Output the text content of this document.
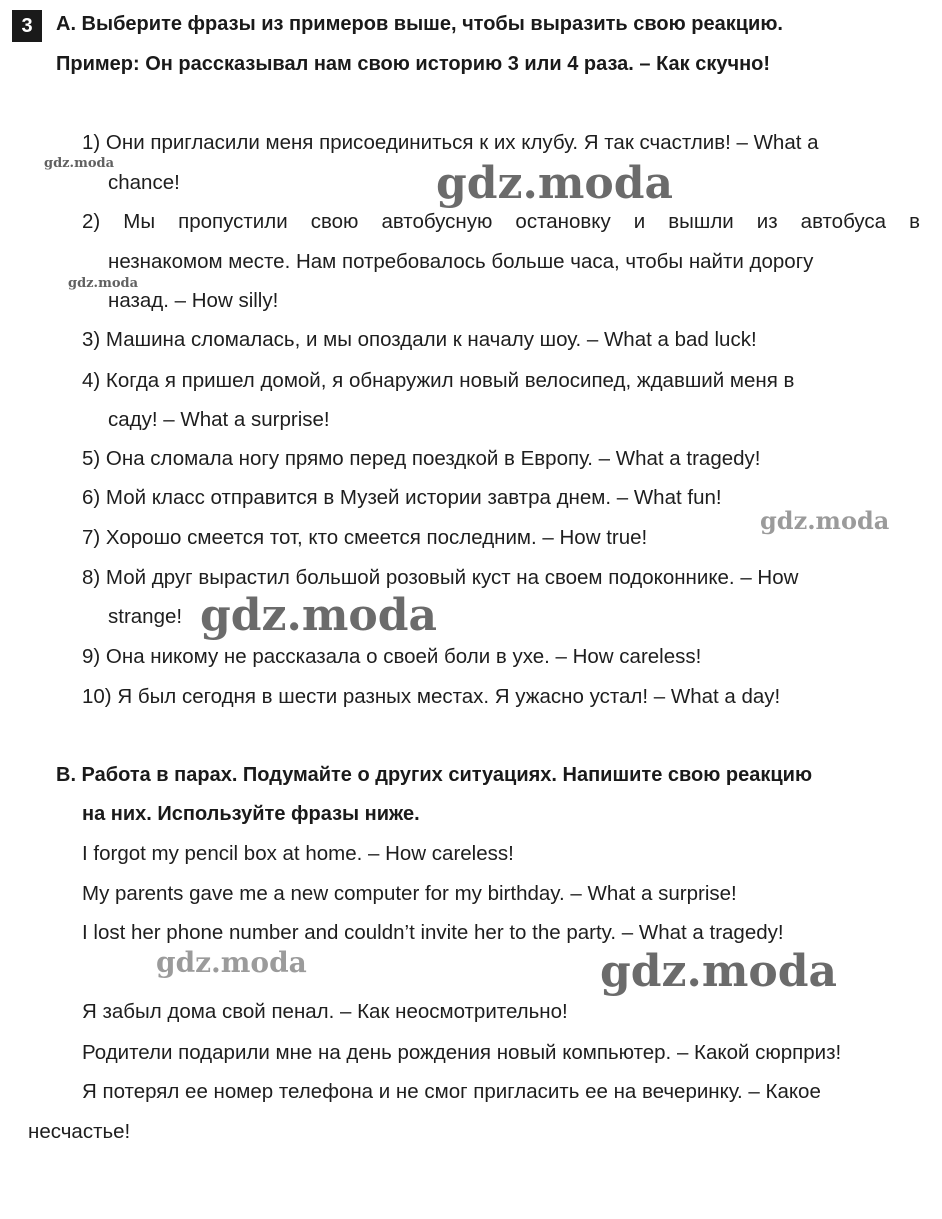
3	A. Выберите фразы из примеров выше, чтобы выразить свою реакцию.
Пример: Он рассказывал нам свою историю 3 или 4 раза. – Как скучно!
1) Они пригласили меня присоединиться к их клубу. Я так счастлив! – What a
chance!
2) Мы пропустили свою автобусную остановку и вышли из автобуса в
незнакомом месте. Нам потребовалось больше часа, чтобы найти дорогу
назад. – How silly!
3) Машина сломалась, и мы опоздали к началу шоу. – What a bad luck!
4) Когда я пришел домой, я обнаружил новый велосипед, ждавший меня в
саду! – What a surprise!
5) Она сломала ногу прямо перед поездкой в Европу. – What a tragedy!
6) Мой класс отправится в Музей истории завтра днем. – What fun!
7) Хорошо смеется тот, кто смеется последним. – How true!
8) Мой друг вырастил большой розовый куст на своем подоконнике. – How
strange!
9) Она никому не рассказала о своей боли в ухе. – How careless!
10) Я был сегодня в шести разных местах. Я ужасно устал! – What a day!
B. Работа в парах. Подумайте о других ситуациях. Напишите свою реакцию
на них. Используйте фразы ниже.
I forgot my pencil box at home. – How careless!
My parents gave me a new computer for my birthday. – What a surprise!
I lost her phone number and couldn’t invite her to the party. – What a tragedy!
Я забыл дома свой пенал. – Как неосмотрительно!
Родители подарили мне на день рождения новый компьютер. – Какой сюрприз!
Я потерял ее номер телефона и не смог пригласить ее на вечеринку. – Какое
несчастье!
gdz.moda	gdz.moda
gdz.moda
gdz.moda
gdz.moda
gdz.moda	gdz.moda
